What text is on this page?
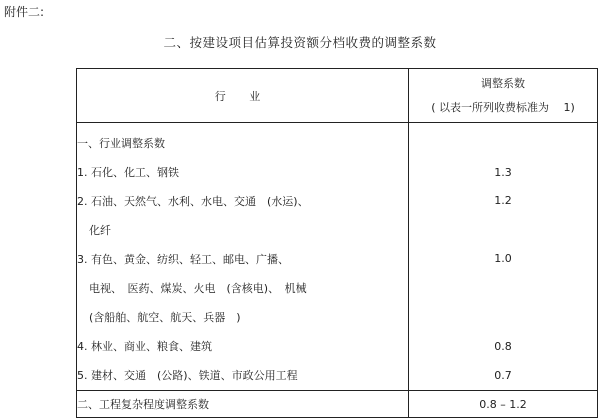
附件二:
二、按建设项目估算投资额分档收费的调整系数
行 业	调整系数
( 以表一所列收费标准为　 1)

一、行业调整系数	
1. 石化、化工、钢铁	1.3

2. 石油、天然气、水利、水电、交通　(水运)、
化纤	1.2

3. 有色、黄金、纺织、轻工、邮电、广播、
电视、　医药、煤炭、火电　(含核电)、　机械
(含船舶、航空、航天、兵器　)	1.0
4. 林业、商业、粮食、建筑	0.8
5. 建材、交通　(公路)、铁道、市政公用工程	0.7
二、工程复杂程度调整系数	0.8 – 1.2
